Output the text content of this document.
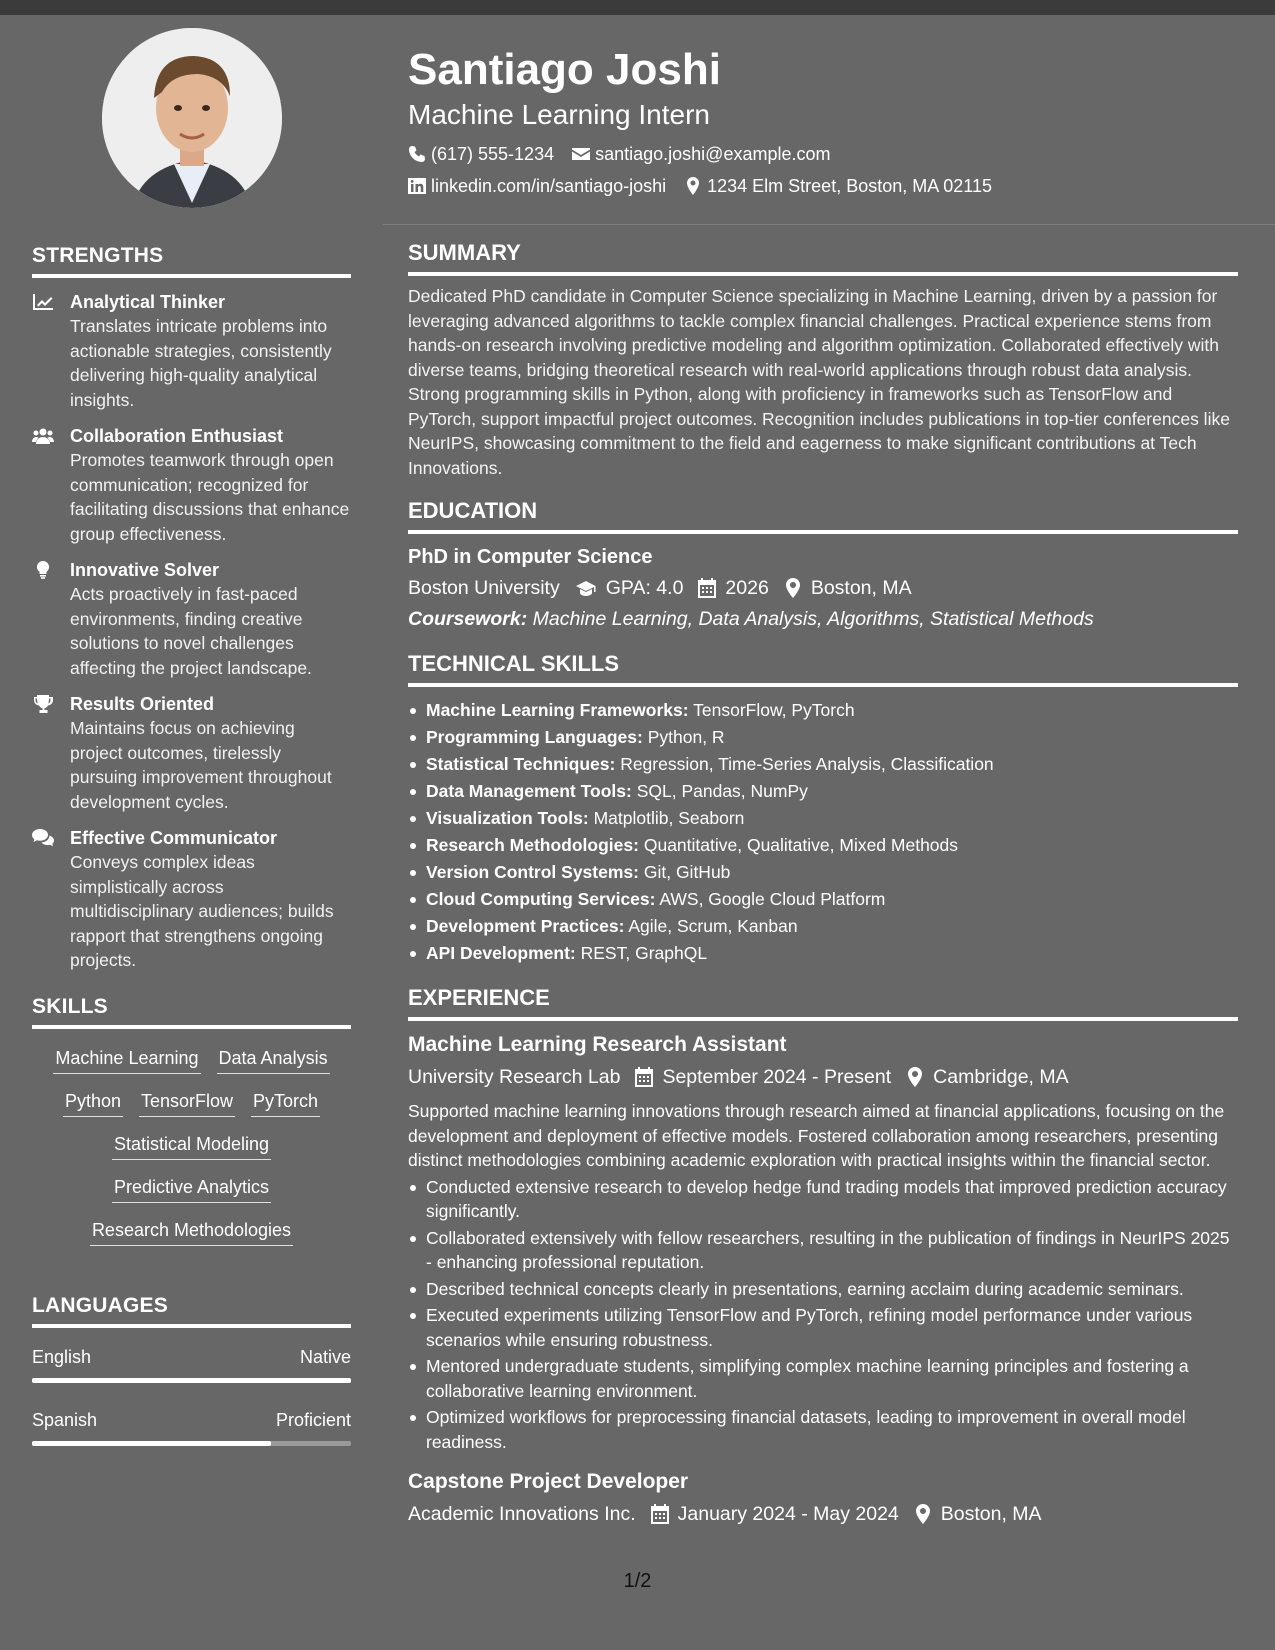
STRENGTHS
Analytical Thinker
Translates intricate problems into actionable strategies, consistently delivering high-quality analytical insights.
Collaboration Enthusiast
Promotes teamwork through open communication; recognized for facilitating discussions that enhance group effectiveness.
Innovative Solver
Acts proactively in fast-paced environments, finding creative solutions to novel challenges affecting the project landscape.
Results Oriented
Maintains focus on achieving project outcomes, tirelessly pursuing improvement throughout development cycles.
Effective Communicator
Conveys complex ideas simplistically across multidisciplinary audiences; builds rapport that strengthens ongoing projects.
SKILLS
Machine Learning Data Analysis
Python TensorFlow PyTorch
Statistical Modeling
Predictive Analytics
Research Methodologies
LANGUAGES
English	Native
Spanish	Proficient
Santiago Joshi
Machine Learning Intern
(617) 555-1234 santiago.joshi@example.com
linkedin.com/in/santiago-joshi 1234 Elm Street, Boston, MA 02115
SUMMARY
Dedicated PhD candidate in Computer Science specializing in Machine Learning, driven by a passion for leveraging advanced algorithms to tackle complex financial challenges. Practical experience stems from hands-on research involving predictive modeling and algorithm optimization. Collaborated effectively with diverse teams, bridging theoretical research with real-world applications through robust data analysis. Strong programming skills in Python, along with proficiency in frameworks such as TensorFlow and PyTorch, support impactful project outcomes. Recognition includes publications in top-tier conferences like NeurIPS, showcasing commitment to the field and eagerness to make significant contributions at Tech Innovations.
EDUCATION
PhD in Computer Science
Boston University GPA: 4.0 2026 Boston, MA
Coursework: Machine Learning, Data Analysis, Algorithms, Statistical Methods
TECHNICAL SKILLS
Machine Learning Frameworks: TensorFlow, PyTorch
Programming Languages: Python, R
Statistical Techniques: Regression, Time-Series Analysis, Classification
Data Management Tools: SQL, Pandas, NumPy
Visualization Tools: Matplotlib, Seaborn
Research Methodologies: Quantitative, Qualitative, Mixed Methods
Version Control Systems: Git, GitHub
Cloud Computing Services: AWS, Google Cloud Platform
Development Practices: Agile, Scrum, Kanban
API Development: REST, GraphQL
EXPERIENCE
Machine Learning Research Assistant
University Research Lab September 2024 - Present Cambridge, MA
Supported machine learning innovations through research aimed at financial applications, focusing on the development and deployment of effective models. Fostered collaboration among researchers, presenting distinct methodologies combining academic exploration with practical insights within the financial sector.
Conducted extensive research to develop hedge fund trading models that improved prediction accuracy significantly.
Collaborated extensively with fellow researchers, resulting in the publication of findings in NeurIPS 2025 - enhancing professional reputation.
Described technical concepts clearly in presentations, earning acclaim during academic seminars.
Executed experiments utilizing TensorFlow and PyTorch, refining model performance under various scenarios while ensuring robustness.
Mentored undergraduate students, simplifying complex machine learning principles and fostering a collaborative learning environment.
Optimized workflows for preprocessing financial datasets, leading to improvement in overall model readiness.
Capstone Project Developer
Academic Innovations Inc. January 2024 - May 2024 Boston, MA
1/2
